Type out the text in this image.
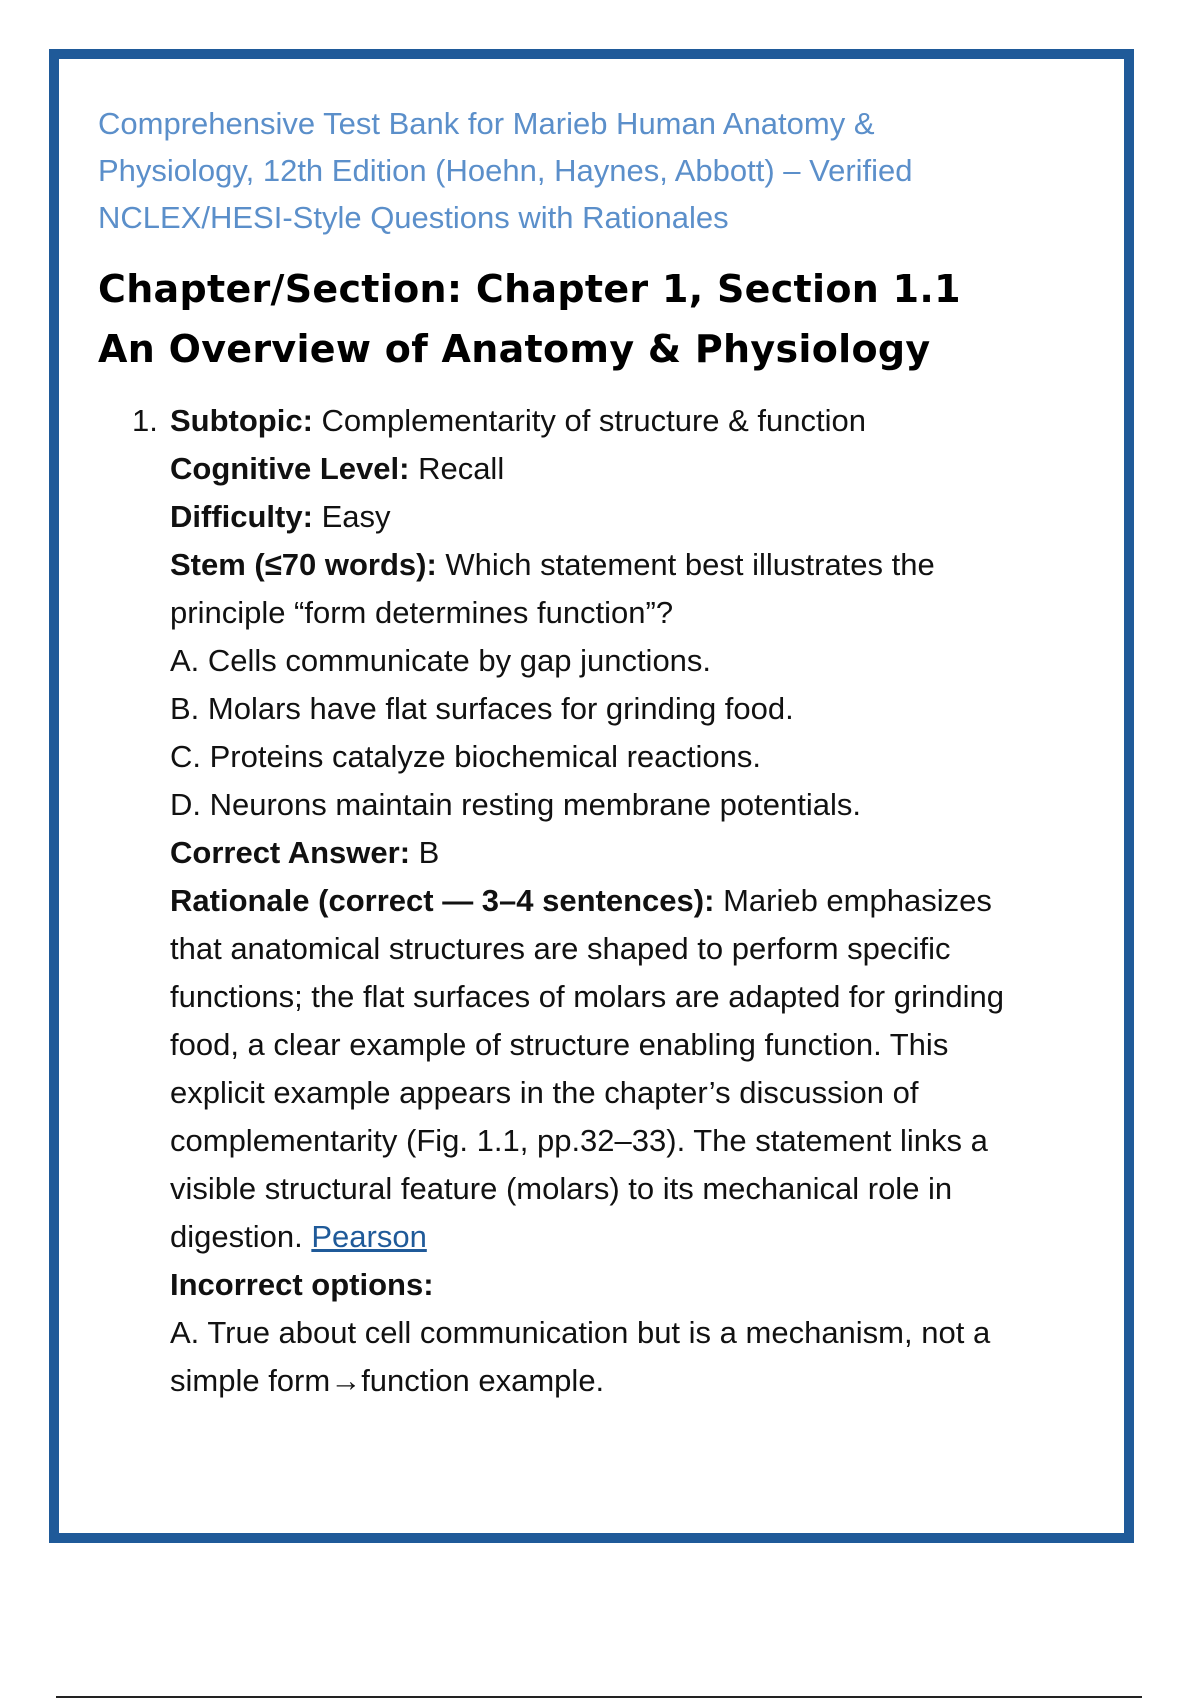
Comprehensive Test Bank for Marieb Human Anatomy & Physiology, 12th Edition (Hoehn, Haynes, Abbott) – Verified NCLEX/HESI-Style Questions with Rationales

Chapter/Section: Chapter 1, Section 1.1
An Overview of Anatomy & Physiology
1. Subtopic: Complementarity of structure & function
Cognitive Level: Recall
Difficulty: Easy
Stem (≤70 words): Which statement best illustrates the principle “form determines function”?
A. Cells communicate by gap junctions.
B. Molars have flat surfaces for grinding food.
C. Proteins catalyze biochemical reactions.
D. Neurons maintain resting membrane potentials.
Correct Answer: B
Rationale (correct — 3–4 sentences): Marieb emphasizes that anatomical structures are shaped to perform specific functions; the flat surfaces of molars are adapted for grinding food, a clear example of structure enabling function. This explicit example appears in the chapter’s discussion of complementarity (Fig. 1.1, pp.32–33). The statement links a visible structural feature (molars) to its mechanical role in digestion. Pearson
Incorrect options:
A. True about cell communication but is a mechanism, not a simple form→function example.
